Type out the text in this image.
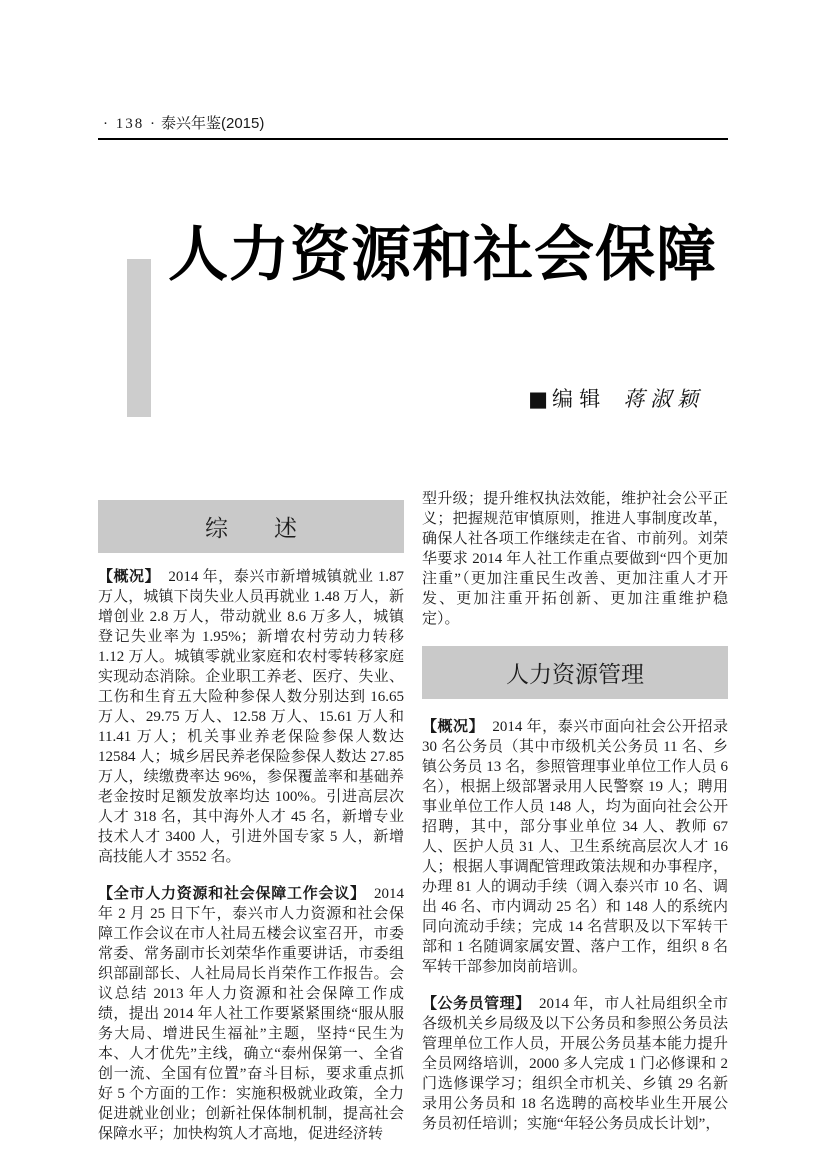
· 138 · 泰兴年鉴(2015)
人力资源和社会保障
■ 编辑 蒋淑颖
综　　述

【概况】 2014 年，泰兴市新增城镇就业 1.87 万人，城镇下岗失业人员再就业 1.48 万人，新增创业 2.8 万人，带动就业 8.6 万多人，城镇登记失业率为 1.95%；新增农村劳动力转移 1.12 万人。城镇零就业家庭和农村零转移家庭实现动态消除。企业职工养老、医疗、失业、工伤和生育五大险种参保人数分别达到 16.65 万人、29.75 万人、12.58 万人、15.61 万人和 11.41 万人；机关事业养老保险参保人数达 12584 人；城乡居民养老保险参保人数达 27.85 万人，续缴费率达 96%，参保覆盖率和基础养老金按时足额发放率均达 100%。引进高层次人才 318 名，其中海外人才 45 名，新增专业技术人才 3400 人，引进外国专家 5 人，新增高技能人才 3552 名。

【全市人力资源和社会保障工作会议】 2014 年 2 月 25 日下午，泰兴市人力资源和社会保障工作会议在市人社局五楼会议室召开，市委常委、常务副市长刘荣华作重要讲话，市委组织部副部长、人社局局长肖荣作工作报告。会议总结 2013 年人力资源和社会保障工作成绩，提出 2014 年人社工作要紧紧围绕“服从服务大局、增进民生福祉”主题，坚持“民生为本、人才优先”主线，确立“泰州保第一、全省创一流、全国有位置”奋斗目标，要求重点抓好 5 个方面的工作：实施积极就业政策，全力促进就业创业；创新社保体制机制，提高社会保障水平；加快构筑人才高地，促进经济转

型升级；提升维权执法效能，维护社会公平正义；把握规范审慎原则，推进人事制度改革，确保人社各项工作继续走在省、市前列。刘荣华要求 2014 年人社工作重点要做到“四个更加注重”（更加注重民生改善、更加注重人才开发、更加注重开拓创新、更加注重维护稳定）。

人力资源管理

【概况】 2014 年，泰兴市面向社会公开招录 30 名公务员（其中市级机关公务员 11 名、乡镇公务员 13 名，参照管理事业单位工作人员 6 名），根据上级部署录用人民警察 19 人；聘用事业单位工作人员 148 人，均为面向社会公开招聘，其中，部分事业单位 34 人、教师 67 人、医护人员 31 人、卫生系统高层次人才 16 人；根据人事调配管理政策法规和办事程序，办理 81 人的调动手续（调入泰兴市 10 名、调出 46 名、市内调动 25 名）和 148 人的系统内同向流动手续；完成 14 名营职及以下军转干部和 1 名随调家属安置、落户工作，组织 8 名军转干部参加岗前培训。

【公务员管理】 2014 年，市人社局组织全市各级机关乡局级及以下公务员和参照公务员法管理单位工作人员，开展公务员基本能力提升全员网络培训，2000 多人完成 1 门必修课和 2 门选修课学习；组织全市机关、乡镇 29 名新录用公务员和 18 名选聘的高校毕业生开展公务员初任培训；实施“年轻公务员成长计划”，
